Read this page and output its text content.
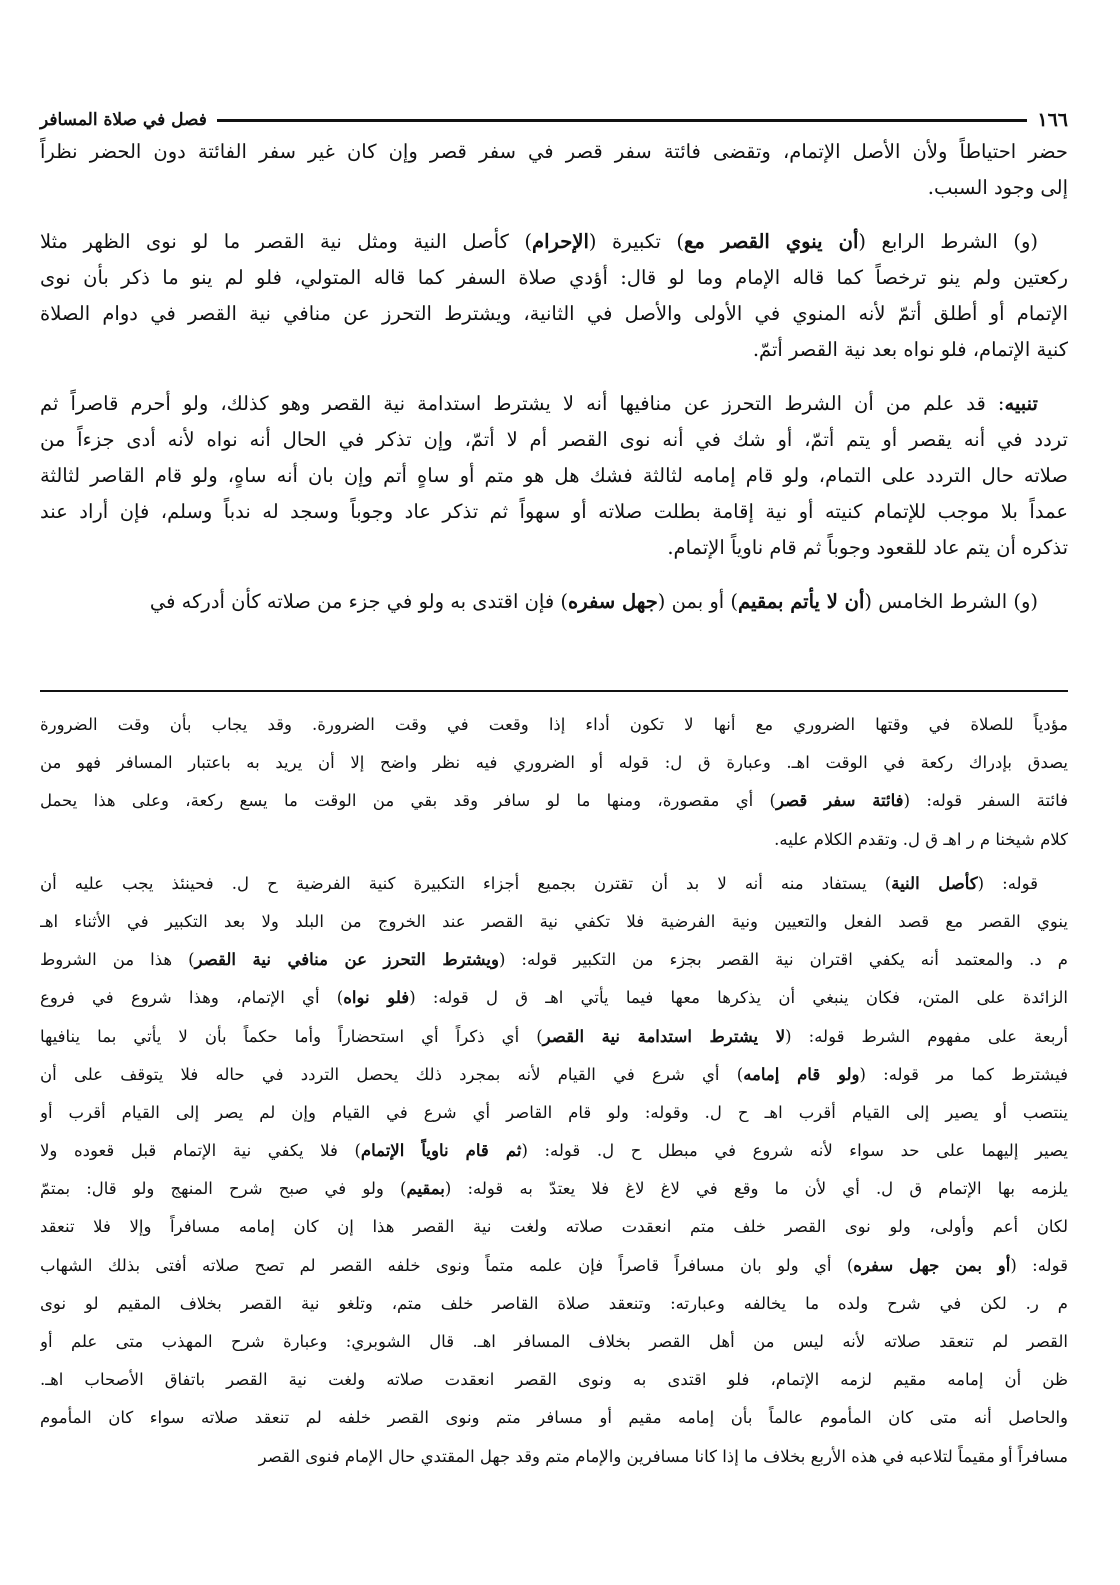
١٦٦
فصل في صلاة المسافر
حضر احتياطاً ولأن الأصل الإتمام، وتقضى فائتة سفر قصر في سفر قصر وإن كان غير سفر الفائتة دون الحضر نظراً
إلى وجود السبب.
(و) الشرط الرابع (أن ينوي القصر مع) تكبيرة (الإحرام) كأصل النية ومثل نية القصر ما لو نوى الظهر مثلا
ركعتين ولم ينو ترخصاً كما قاله الإمام وما لو قال: أؤدي صلاة السفر كما قاله المتولي، فلو لم ينو ما ذكر بأن نوى
الإتمام أو أطلق أتمّ لأنه المنوي في الأولى والأصل في الثانية، ويشترط التحرز عن منافي نية القصر في دوام الصلاة
كنية الإتمام، فلو نواه بعد نية القصر أتمّ.
تنبيه: قد علم من أن الشرط التحرز عن منافيها أنه لا يشترط استدامة نية القصر وهو كذلك، ولو أحرم قاصراً ثم
تردد في أنه يقصر أو يتم أتمّ، أو شك في أنه نوى القصر أم لا أتمّ، وإن تذكر في الحال أنه نواه لأنه أدى جزءاً من
صلاته حال التردد على التمام، ولو قام إمامه لثالثة فشك هل هو متم أو ساهٍ أتم وإن بان أنه ساهٍ، ولو قام القاصر لثالثة
عمداً بلا موجب للإتمام كنيته أو نية إقامة بطلت صلاته أو سهواً ثم تذكر عاد وجوباً وسجد له ندباً وسلم، فإن أراد عند
تذكره أن يتم عاد للقعود وجوباً ثم قام ناوياً الإتمام.
(و) الشرط الخامس (أن لا يأتم بمقيم) أو بمن (جهل سفره) فإن اقتدى به ولو في جزء من صلاته كأن أدركه في
مؤدياً للصلاة في وقتها الضروري مع أنها لا تكون أداء إذا وقعت في وقت الضرورة. وقد يجاب بأن وقت الضرورة
يصدق بإدراك ركعة في الوقت اهـ. وعبارة ق ل: قوله أو الضروري فيه نظر واضح إلا أن يريد به باعتبار المسافر فهو من
فائتة السفر قوله: (فائتة سفر قصر) أي مقصورة، ومنها ما لو سافر وقد بقي من الوقت ما يسع ركعة، وعلى هذا يحمل
كلام شيخنا م ر اهـ ق ل. وتقدم الكلام عليه.
قوله: (كأصل النية) يستفاد منه أنه لا بد أن تقترن بجميع أجزاء التكبيرة كنية الفرضية ح ل. فحينئذ يجب عليه أن
ينوي القصر مع قصد الفعل والتعيين ونية الفرضية فلا تكفي نية القصر عند الخروج من البلد ولا بعد التكبير في الأثناء اهـ
م د. والمعتمد أنه يكفي اقتران نية القصر بجزء من التكبير قوله: (ويشترط التحرز عن منافي نية القصر) هذا من الشروط
الزائدة على المتن، فكان ينبغي أن يذكرها معها فيما يأتي اهـ ق ل قوله: (فلو نواه) أي الإتمام، وهذا شروع في فروع
أربعة على مفهوم الشرط قوله: (لا يشترط استدامة نية القصر) أي ذكراً أي استحضاراً وأما حكماً بأن لا يأتي بما ينافيها
فيشترط كما مر قوله: (ولو قام إمامه) أي شرع في القيام لأنه بمجرد ذلك يحصل التردد في حاله فلا يتوقف على أن
ينتصب أو يصير إلى القيام أقرب اهـ ح ل. وقوله: ولو قام القاصر أي شرع في القيام وإن لم يصر إلى القيام أقرب أو
يصير إليهما على حد سواء لأنه شروع في مبطل ح ل. قوله: (ثم قام ناوياً الإتمام) فلا يكفي نية الإتمام قبل قعوده ولا
يلزمه بها الإتمام ق ل. أي لأن ما وقع في لاغ لاغ فلا يعتدّ به قوله: (بمقيم) ولو في صبح شرح المنهج ولو قال: بمتمّ
لكان أعم وأولى، ولو نوى القصر خلف متم انعقدت صلاته ولغت نية القصر هذا إن كان إمامه مسافراً وإلا فلا تنعقد
قوله: (أو بمن جهل سفره) أي ولو بان مسافراً قاصراً فإن علمه متماً ونوى خلفه القصر لم تصح صلاته أفتى بذلك الشهاب
م ر. لكن في شرح ولده ما يخالفه وعبارته: وتنعقد صلاة القاصر خلف متم، وتلغو نية القصر بخلاف المقيم لو نوى
القصر لم تنعقد صلاته لأنه ليس من أهل القصر بخلاف المسافر اهـ. قال الشوبري: وعبارة شرح المهذب متى علم أو
ظن أن إمامه مقيم لزمه الإتمام، فلو اقتدى به ونوى القصر انعقدت صلاته ولغت نية القصر باتفاق الأصحاب اهـ.
والحاصل أنه متى كان المأموم عالماً بأن إمامه مقيم أو مسافر متم ونوى القصر خلفه لم تنعقد صلاته سواء كان المأموم
مسافراً أو مقيماً لتلاعبه في هذه الأربع بخلاف ما إذا كانا مسافرين والإمام متم وقد جهل المقتدي حال الإمام فنوى القصر
